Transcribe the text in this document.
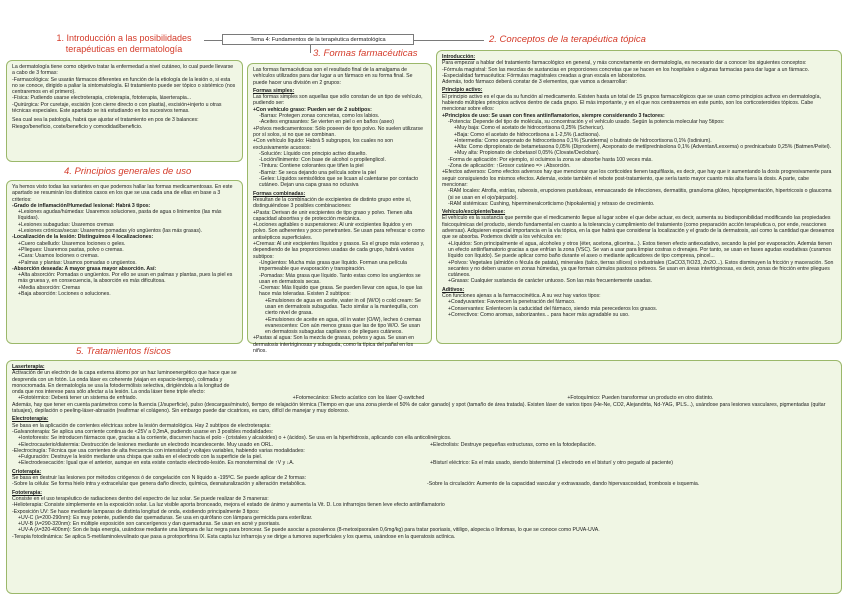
1. Introducción a las posibilidades
terapéuticas en dermatología
Tema 4: Fundamentos de la terapéutica dermatológica
3. Formas farmacéuticas
2. Conceptos de la terapéutica tópica
4. Principios generales de uso
5. Tratamientos físicos

La dermatología tiene como objetivo tratar la enfermedad a nivel cutáneo, lo cual puede llevarse a cabo de 3 formas:

-Farmacológica: Se usarán fármacos diferentes en función de la etiología de la lesión o, si esta no se conoce, dirigido a paliar la sintomatología. El tratamiento puede ser tópico o sistémico (nos centraremos en el primero).

-Física: Pudiendo usarse electroterapia, crioterapia, fototerapia, láserterapia...

-Quirúrgica: Por curetaje, escisión (con cierre directo o con plastia), escisión+injerto u otras técnicas especiales. Este apartado se irá estudiando en los sucesivos temas.

Sea cual sea la patología, habrá que ajustar el tratamiento en pos de 3 balances: Riesgo/beneficio, coste/beneficio y comodidad/beneficio.

Ya hemos visto todas las variantes en que podemos hallar las formas medicamentosas. En este apartado se resumirán los distintos casos en los que se usa cada una de ellas en base a 3 criterios:

-Grado de inflamación/Humedad lesional: Habrá 3 tipos:

+Lesiones agudas/húmedas: Usaremos soluciones, pasta de agua o linimentos (las más líquidas).

+Lesiones subagudas: Usaremos cremas

+Lesiones crónicas/secas: Usaremos pomadas y/o ungüentos (las más grasas).

-Localización de la lesión: Distinguimos 4 localizaciones:

+Cuero cabelludo: Usaremos lociones o geles.

+Pliegues: Usaremos pastas, polvo o cremas.

+Cara: Usamos lociones o cremas.

+Palmas y plantas: Usamos pomadas o ungüentos.

-Absorción deseada: A mayor grasa mayor absorción. Así:

+Alta absorción: Pomadas o ungüentos. Por ello se usan en palmas y plantas, pues la piel es más gruesa y, en consecuencia, la absorción es más dificultosa.

+Media absorción: Cremas

+Baja absorción: Lociones o soluciones.

Las formas farmacéuticas son el resultado final de la amalgama de vehículos utilizados para dar lugar a un fármaco en su forma final. Se puede hacer una división en 2 grupos:

Formas simples:

Las formas simples son aquellas que sólo constan de un tipo de vehículo, pudiendo ser:

+Con vehículo graso: Pueden ser de 2 subtipos:

-Barras: Protegen zonas concretas, como los labios.

-Aceites engrasantes: Se vierten en piel o en baños (aseo)

+Polvos medicamentosos: Sólo poseen de tipo polvo. No suelen utilizarse por sí solos, si no que se combinan.

+Con vehículo líquido: Habrá 5 subgrupos, los cuales no son exclusivamente acuosos:

-Solución: Líquido con principio activo disuelto.

-Loción/linimento: Con base de alcohol o propilenglicol.

-Tintura: Contiene colorantes que tiñen la piel

-Barniz: Se seca dejando una película sobre la piel

-Geles: Líquidos semisólidos que se licuan al calentarse por contacto cutáneo. Dejan una capa grasa no oclusiva

Formas combinadas:

Resultan de la combinación de excipientes de distinto grupo entre sí, distinguiéndose 3 posibles combinaciones:

+Pasta: Derivan de unir excipientes de tipo graso y polvo. Tienen alta capacidad absortiva y de protección mecánica.

+Lociones agitables o suspensiones: Al unir excipientes líquidos y en polvo. Son adherentes y poco penetrantes. Se usan para refrescar o como antisépticos superficiales.

+Cremas: Al unir excipientes líquidos y grasos. Es el grupo más extenso y, dependiendo de las proporciones usadas de cada grupo, habrá varios subtipos:

-Ungüentos: Mucha más grasa que líquido. Forman una película impermeable que evaporación y transpiración.

-Pomadas: Más grasa que líquido. Tanto estas como los ungüentos se usan en dermatosis secas.

-Cremas: Más líquido que grasa. Se pueden llevar con agua, lo que las hace más toleradas. Existen 2 subtipos:

+Emulsiones de agua en aceite, water in oil (W/O) o cold cream: Se usan en dermatosis subagudas. Tacto similar a la mantequilla, con cierto nivel de grasa.

+Emulsiones de aceite en agua, oil in water (O/W), leches ó cremas evanescentes: Con aún menos grasa que las de tipo W/O. Se usan en dermatosis subagudas capilares o de pliegues cutáneos.

+Pastas al agua: Son la mezcla de grasas, polvos y agua. Se usan en dermatosis intertriginosas y subaguda, como la típica del pañal en los niños.

Introducción:

Para empezar a hablar del tratamiento farmacológico en general, y más concretamente en dermatología, es necesario dar a conocer los siguientes conceptos:

-Fórmula magistral: Son las mezclas de sustancias en proporciones concretas que se hacen en los hospitales o algunas farmacias para dar lugar a un fármaco.

-Especialidad farmacéutica: Fórmulas magistrales creadas a gran escala en laboratorios.

Además, todo fármaco deberá constar de 3 elementos, que vamos a desarrollar:

Principio activo:

El principio activo es el que da su función al medicamento. Existen hasta un total de 15 grupos farmacológicos que se usan como principios activos en dermatología, habiendo múltiples principios activos dentro de cada grupo. El más importante, y en el que nos centraremos en este punto, son los corticosteroides tópicos. Cabe mencionar sobre ellos:

+Principios de uso: Se usan con fines antiinflamatorios, siempre considerando 3 factores:

-Potencia: Depende del tipo de molécula, su concentración y el vehículo usado. Según la potencia molecular hay 5tipos:

+Muy baja: Como el acetato de hidrocortisona 0,25% (Schericur).

+Baja: Como el acetato de hidrocortisona a 1-2,5% (Lactisona).

+Intermedia: Como aceponato de hidrocortisona 0,1% (Suniderma) o butirato de hidrocortisona 0,1% (Isdinium).

+Alta: Como dipropionato de betametasona 0,05% (Diproderm), Aceponato de metilprednisolona 0,1% (Adventan/Lexxema) o prednicarbato 0,25% (Batmen/Peitel).

+Muy alta: Propionato de clobetasol 0,05% (Clovate/Decloban).

-Forma de aplicación: Por ejemplo, si ocluimos la zona se absorbe hasta 100 veces más.

-Zona de aplicación: ↑Grosor cutáneo => ↓Absorción.

+Efectos adversos: Como efectos adversos hay que mencionar que los corticoides tienen taquifilaxia, es decir, que hay que ir aumentando la dosis progresivamente para seguir consiguiendo los mismos efectos. Además, existe también el rebote post-tratamiento, que sería tanto mayor cuanto más alta fuera la dosis. A parte, cabe mencionar:

-RAM locales: Atrofia, estrías, rubeosis, erupciones pustulosas, enmascarado de infecciones, dermatitis, granuloma glúteo, hipopigmentación, hipertricosis o glaucoma (si se usan en el ojo/párpado).

-RAM sistémicas: Cushing, hipermineralcorticismo (hipokalemia) y retraso de crecimiento.

Vehículo/excipiente/base:

El vehículo es la sustancia que permite que el medicamento llegue al lugar sobre el que debe actuar, es decir, aumenta su biodisponibilidad modificando las propiedades fisicoquímicas del producto, siendo fundamental en cuanto a la tolerancia y cumplimiento del tratamiento (como preparación acción terapéutica o, por ende, reacciones adversas). Adquieren especial importancia en la vía tópica, en la que habrá que considerar la localización y el grado de la dermatosis, así como la cantidad que deseamos que se absorba. Podemos dividir a los vehículos en:

+Líquidos: Son principalmente el agua, alcoholes y otros (éter, acetona, glicerina...). Estos tienen efecto antiexudativo, secando la piel por evaporación. Además tienen un efecto antiinflamatorio gracias a que enfrían la zona (VSC). Se van a usar para limpiar costras o drenajes. Por tanto, se usan en fases agudas exudativas (curamos líquido con líquido). Se puede aplicar como baño durante el aseo o mediante aplicadores de tipo compresa, pincel...

+Polvos: Vegetales (almidón o fécula de patata), minerales (talco, tierras sílices) o industriales (CaCO3,TiO23, Zn2O...). Estos disminuyen la fricción y maceración. Son secantes y no deben usarse en zonas húmedas, ya que forman cúmulos pastosos pétreos. Se usan en áreas intertriginosas, es decir, zonas de fricción entre pliegues cutáneos.

+Grasas: Cualquier sustancia de carácter untuoso. Son las más frecuentemente usadas.

Aditivos:

Con funciones ajenas a la farmacocinética. A su vez hay varios tipos:

+Coadyuvantes: Favorecen la penetración del fármaco.

+Conservantes: Enlentecen la caducidad del fármaco, siendo más perecederos los grasos.

+Correctivos: Como aromas, saborizantes... para hacer más agradable su uso.

Laserterapia:

Activación de un electrón de la capa externa átomo por un haz luminoenergético que hace que se desprenda con un fotón. La onda láser es coherente (viajan en espacio-tiempo), colimada y monocromada. En dermatología se usa la fotodermólisis selectiva, dirigiéndola a la longitud de onda que nos interese para sólo afectar a la lesión. La onda láser tiene triple efecto:

+Fototérmico: Deberá tener un sistema de enfriado.	+Fotomecánico: Efecto acústico con los láser Q-switched	+Fotoquímico: Pueden transformar un producto en otro distinto.

Además, hay que tener en cuenta parámetros como la fluencia (J/superficie), pulso (descargas/minuto), tiempo de relajación térmica (Tiempo en que una zona pierde el 50% de calor ganado) y spot (tamaño de área tratada). Existen láser de varios tipos (He-Ne, CO2, Alejandrita, Nd-YAG, IPLS...), usándose para lesiones vasculares, pigmentadas (quitar tatuajes), depilación o peeling-láser-abrasión (reafirmar el colágeno). Sin embargo puede dar cicatrices, es caro, difícil de manejar y muy doloroso.

Electroterapia:

Se basa en la aplicación de corrientes eléctricas sobre la lesión dermatológica. Hay 2 subtipos de electroterapia:

-Galvanoterapia: Se aplica una corriente continua de <25V a 0,3mA, pudiendo usarse en 3 posibles modalidades:

+Iontoforesis: Se introducen fármacos que, gracias a la corriente, discurren hacia el polo - (cristales y alcaloides) o + (ácidos). Se usa en la hiperhidrosis, aplicando con ella anticolinérgicos.

+Electrocauterio/diatermia: Destrucción de lesiones mediante un electrodo incandescente. Muy usado en ORL.	+Electrolisis: Destruye pequeñas estructuras, como en la fotodepilación.

-Electrocirugía: Técnica que usa corrientes de alta frecuencia con intensidad y voltajes variables, habiendo varias modalidades:

+Fulguración: Destruye la lesión mediante una chispa que salta en el electrodo con la superficie de la piel.

+Electrodesecación: Igual que el anterior, aunque en esta existe contacto electrodo-lesión. Es monoterminal de ↑V y ↓A.	+Bisturí eléctrico: Es el más usado, siendo bisterminal (1 electrodo en el bisturí y otro pegado al paciente)

Crioterapia:

Se basa en destruir las lesiones por métodos criógenos ó de congelación con N líquido a -195ºC. Se puede aplicar de 2 formas:

-Sobre la célula: Se forma hielo intra y extracelular que genera daño directo, química, desnaturalización y alteración metabólica.	-Sobre la circulación: Aumento de la capacidad vascular y extravasado, dando hipervascosidad, trombosis e isquemia.

Fototerapia:

Consiste en el uso terapéutico de radiaciones dentro del espectro de luz solar. Se puede realizar de 3 maneras:

-Helioterapia: Consiste simplemente en la exposición solar. La luz visible aporta bronceado, mejora el estado de ánimo y aumenta la Vit. D. Los infrarrojos tienen leve efecto antiinflamatorio

-Exposición UV: Se hace mediante lamparas de distinta longitud de onda, existiendo principalmente 3 tipos:

+UV-C (λ=200-290nm): Es muy potente, pudiendo dar quemaduras. Se usa en quirófano con lámpara germicida para esterilizar.

+UV-B (λ=290-320nm): En múltiple exposición son cancerígenos y dan quemaduras. Se usan en acné y psoriasis.

+UV-A (λ=320-400nm): Son de baja energía, usándose mediante una lámpara de luz negra para broncear. Se puede asociar a psoralenos (8-metoxipsoralen 0,6mg/kg) para tratar psoriasis, vitiligo, alopecia o linfomas, lo que se conoce como PUVA-UVA.

-Terapia fotodinámica: Se aplica 5-metilaminolevulinato que pasa a protoporfirina IX. Esta capta luz infrarroja y se dirige a tumores superficiales y los quema, usándose en la queratosis actínica.
